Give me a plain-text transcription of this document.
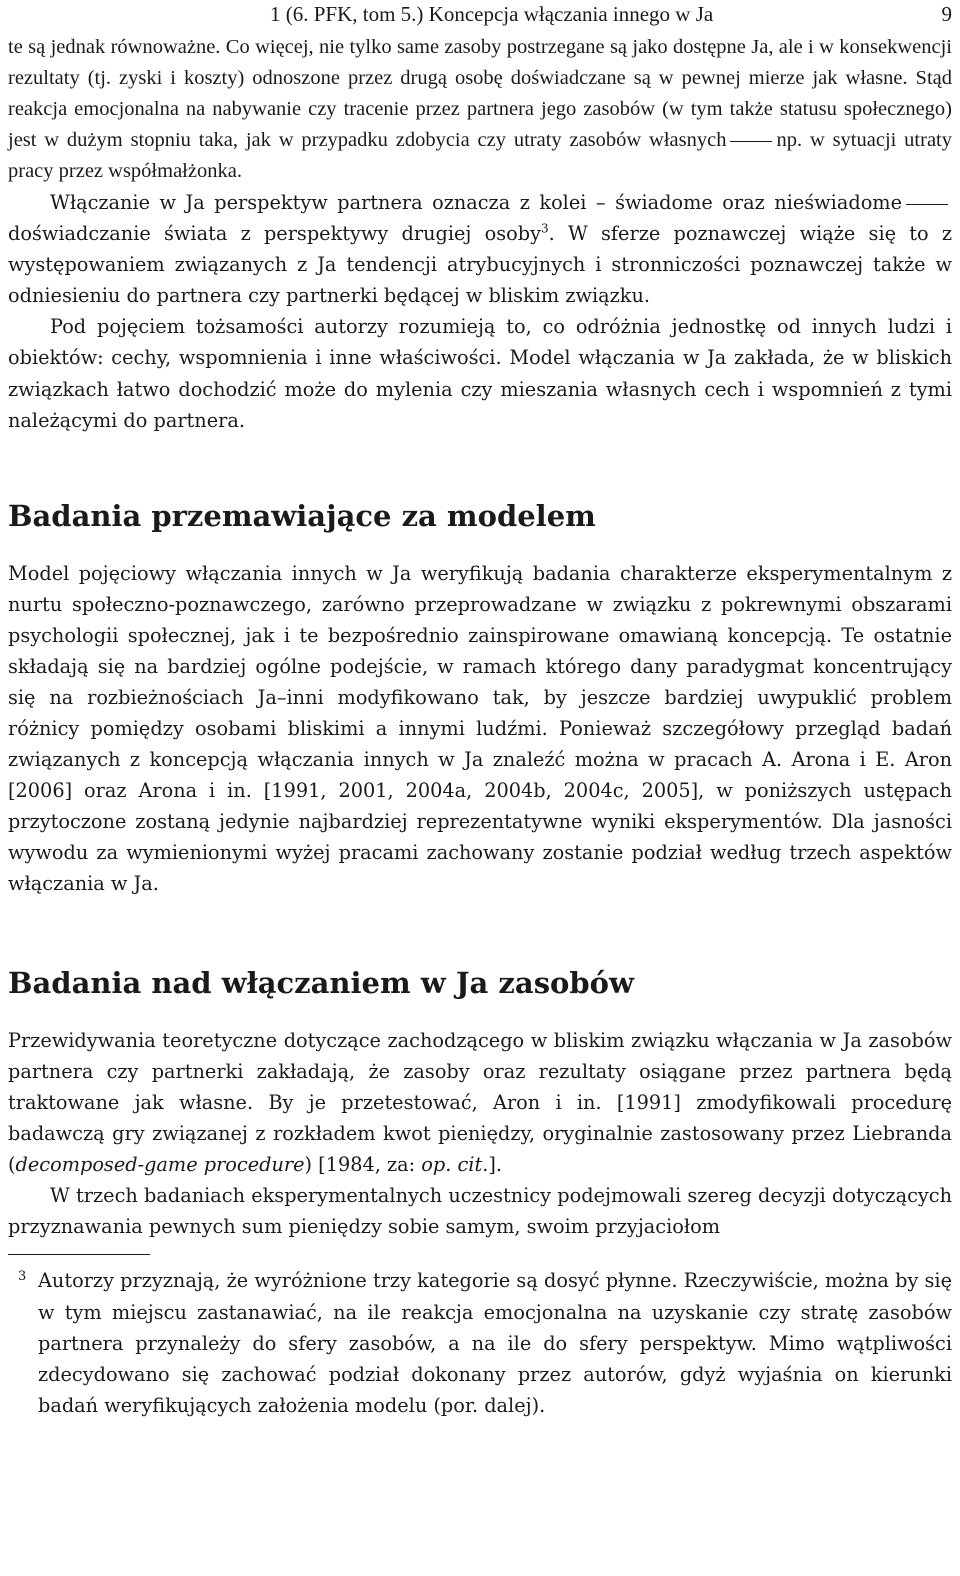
1 (6. PFK, tom 5.) Koncepcja włączania innego w Ja	9

te są jednak równoważne. Co więcej, nie tylko same zasoby postrzegane są jako dostępne Ja, ale i w konsekwencji rezultaty (tj. zyski i koszty) odnoszone przez drugą osobę doświadczane są w pewnej mierze jak własne. Stąd reakcja emocjonalna na nabywanie czy tracenie przez partnera jego zasobów (w tym także statusu społecznego) jest w dużym stopniu taka, jak w przypadku zdobycia czy utraty zasobów własnych np. w sytuacji utraty pracy przez współmałżonka.

Włączanie w Ja perspektyw partnera oznacza z kolei – świadome oraz nieświadomedoświadczanie świata z perspektywy drugiej osoby$^3$. W sferze poznawczej wiąże się to z występowaniem związanych z Ja tendencji atrybucyjnych i stronniczości poznawczej także w odniesieniu do partnera czy partnerki będącej w bliskim związku.

Pod pojęciem tożsamości autorzy rozumieją to, co odróżnia jednostkę od innych ludzi i obiektów: cechy, wspomnienia i inne właściwości. Model włączania w Ja zakłada, że w bliskich związkach łatwo dochodzić może do mylenia czy mieszania własnych cech i wspomnień z tymi należącymi do partnera.

Badania przemawiające za modelem

Model pojęciowy włączania innych w Ja weryfikują badania charakterze eksperymentalnym z nurtu społeczno-poznawczego, zarówno przeprowadzane w związku z pokrewnymi obszarami psychologii społecznej, jak i te bezpośrednio zainspirowane omawianą koncepcją. Te ostatnie składają się na bardziej ogólne podejście, w ramach którego dany paradygmat koncentrujący się na rozbieżnościach Ja–inni modyfikowano tak, by jeszcze bardziej uwypuklić problem różnicy pomiędzy osobami bliskimi a innymi ludźmi. Ponieważ szczegółowy przegląd badań związanych z koncepcją włączania innych w Ja znaleźć można w pracach A. Arona i E. Aron [2006] oraz Arona i in. [1991, 2001, 2004a, 2004b, 2004c, 2005], w poniższych ustępach przytoczone zostaną jedynie najbardziej reprezentatywne wyniki eksperymentów. Dla jasności wywodu za wymienionymi wyżej pracami zachowany zostanie podział według trzech aspektów włączania w Ja.

Badania nad włączaniem w Ja zasobów

Przewidywania teoretyczne dotyczące zachodzącego w bliskim związku włączania w Ja zasobów partnera czy partnerki zakładają, że zasoby oraz rezultaty osiągane przez partnera będą traktowane jak własne. By je przetestować, Aron i in. [1991] zmodyfikowali procedurę badawczą gry związanej z rozkładem kwot pieniędzy, oryginalnie zastosowany przez Liebranda (decomposed-game procedure) [1984, za: op. cit.].

W trzech badaniach eksperymentalnych uczestnicy podejmowali szereg decyzji dotyczących przyznawania pewnych sum pieniędzy sobie samym, swoim przyjaciołom

3 Autorzy przyznają, że wyróżnione trzy kategorie są dosyć płynne. Rzeczywiście, można by się w tym miejscu zastanawiać, na ile reakcja emocjonalna na uzyskanie czy stratę zasobów partnera przynależy do sfery zasobów, a na ile do sfery perspektyw. Mimo wątpliwości zdecydowano się zachować podział dokonany przez autorów, gdyż wyjaśnia on kierunki badań weryfikujących założenia modelu (por. dalej).
